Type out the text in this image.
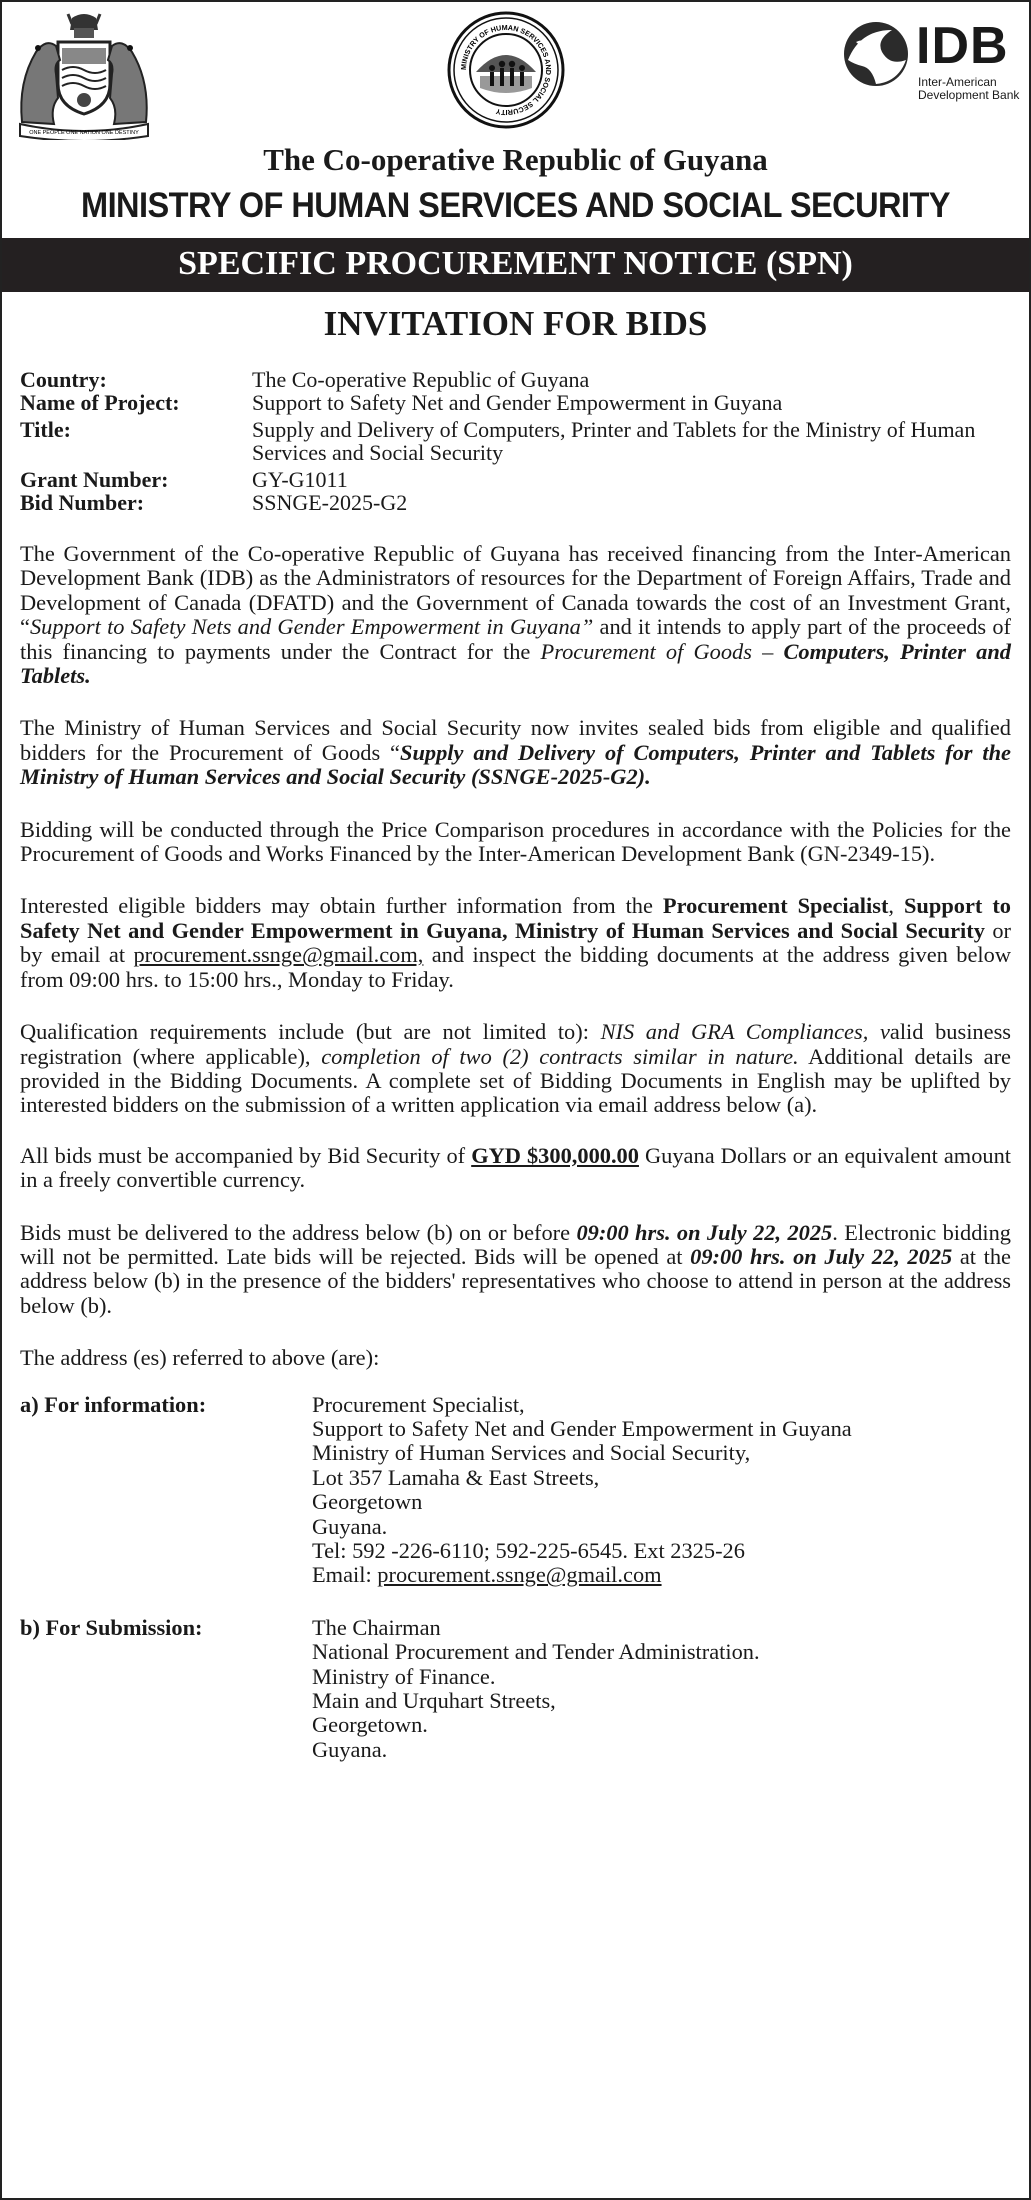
ONE PEOPLE ONE NATION ONE DESTINY
MINISTRY OF HUMAN SERVICES AND SOCIAL SECURITY
IDB
Inter-American
Development Bank
The Co-operative Republic of Guyana
MINISTRY OF HUMAN SERVICES AND SOCIAL SECURITY
SPECIFIC PROCUREMENT NOTICE (SPN)
INVITATION FOR BIDS
Country:	The Co-operative Republic of Guyana
Name of Project:	Support to Safety Net and Gender Empowerment in Guyana
Title:	Supply and Delivery of Computers, Printer and Tablets for the Ministry of Human Services and Social Security
Grant Number:	GY-G1011
Bid Number:	SSNGE-2025-G2

The Government of the Co-operative Republic of Guyana has received financing from the Inter-American Development Bank (IDB) as the Administrators of resources for the Department of Foreign Affairs, Trade and Development of Canada (DFATD) and the Government of Canada towards the cost of an Investment Grant, “Support to Safety Nets and Gender Empowerment in Guyana” and it intends to apply part of the proceeds of this financing to payments under the Contract for the Procurement of Goods – Computers, Printer and Tablets.

The Ministry of Human Services and Social Security now invites sealed bids from eligible and qualified bidders for the Procurement of Goods “Supply and Delivery of Computers, Printer and Tablets for the Ministry of Human Services and Social Security (SSNGE-2025-G2).

Bidding will be conducted through the Price Comparison procedures in accordance with the Policies for the Procurement of Goods and Works Financed by the Inter-American Development Bank (GN-2349-15).

Interested eligible bidders may obtain further information from the Procurement Specialist, Support to Safety Net and Gender Empowerment in Guyana, Ministry of Human Services and Social Security or by email at procurement.ssnge@gmail.com, and inspect the bidding documents at the address given below from 09:00 hrs. to 15:00 hrs., Monday to Friday.

Qualification requirements include (but are not limited to): NIS and GRA Compliances, valid business registration (where applicable), completion of two (2) contracts similar in nature. Additional details are provided in the Bidding Documents. A complete set of Bidding Documents in English may be uplifted by interested bidders on the submission of a written application via email address below (a).

All bids must be accompanied by Bid Security of GYD $300,000.00 Guyana Dollars or an equivalent amount in a freely convertible currency.

Bids must be delivered to the address below (b) on or before 09:00 hrs. on July 22, 2025. Electronic bidding will not be permitted. Late bids will be rejected. Bids will be opened at 09:00 hrs. on July 22, 2025 at the address below (b) in the presence of the bidders' representatives who choose to attend in person at the address below (b).

The address (es) referred to above (are):

a) For information:	Procurement Specialist,
Support to Safety Net and Gender Empowerment in Guyana
Ministry of Human Services and Social Security,
Lot 357 Lamaha & East Streets,
Georgetown
Guyana.
Tel: 592 -226-6110; 592-225-6545. Ext 2325-26
Email: procurement.ssnge@gmail.com
b) For Submission:	The Chairman
National Procurement and Tender Administration.
Ministry of Finance.
Main and Urquhart Streets,
Georgetown.
Guyana.
